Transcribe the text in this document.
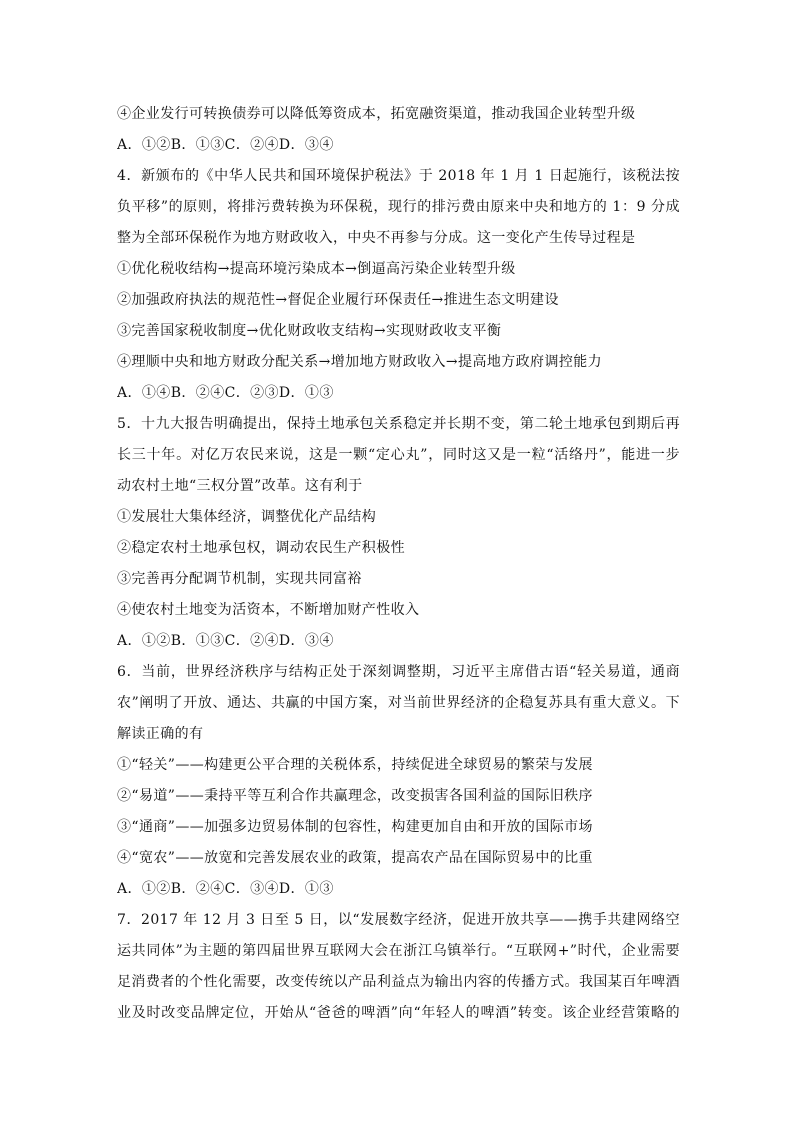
④企业发行可转换债券可以降低筹资成本，拓宽融资渠道，推动我国企业转型升级
A．①②B．①③C．②④D．③④
4．新颁布的《中华人民共和国环境保护税法》于 2018 年 1 月 1 日起施行，该税法按
负平移”的原则，将排污费转换为环保税，现行的排污费由原来中央和地方的 1：9 分成
整为全部环保税作为地方财政收入，中央不再参与分成。这一变化产生传导过程是
①优化税收结构→提高环境污染成本→倒逼高污染企业转型升级
②加强政府执法的规范性→督促企业履行环保责任→推进生态文明建设
③完善国家税收制度→优化财政收支结构→实现财政收支平衡
④理顺中央和地方财政分配关系→增加地方财政收入→提高地方政府调控能力
A．①④B．②④C．②③D．①③
5．十九大报告明确提出，保持土地承包关系稳定并长期不变，第二轮土地承包到期后再
长三十年。对亿万农民来说，这是一颗“定心丸”，同时这又是一粒“活络丹”，能进一步
动农村土地“三权分置”改革。这有利于
①发展壮大集体经济，调整优化产品结构
②稳定农村土地承包权，调动农民生产积极性
③完善再分配调节机制，实现共同富裕
④使农村土地变为活资本，不断增加财产性收入
A．①②B．①③C．②④D．③④
6．当前，世界经济秩序与结构正处于深刻调整期，习近平主席借古语“轻关易道，通商
农”阐明了开放、通达、共赢的中国方案，对当前世界经济的企稳复苏具有重大意义。下
解读正确的有
①“轻关”——构建更公平合理的关税体系，持续促进全球贸易的繁荣与发展
②“易道”——秉持平等互利合作共赢理念，改变损害各国利益的国际旧秩序
③“通商”——加强多边贸易体制的包容性，构建更加自由和开放的国际市场
④“宽农”——放宽和完善发展农业的政策，提高农产品在国际贸易中的比重
A．①②B．②④C．③④D．①③
7．2017 年 12 月 3 日至 5 日，以“发展数字经济，促进开放共享——携手共建网络空
运共同体”为主题的第四届世界互联网大会在浙江乌镇举行。“互联网+”时代，企业需要
足消费者的个性化需要，改变传统以产品利益点为输出内容的传播方式。我国某百年啤酒
业及时改变品牌定位，开始从“爸爸的啤酒”向“年轻人的啤酒”转变。该企业经营策略的
